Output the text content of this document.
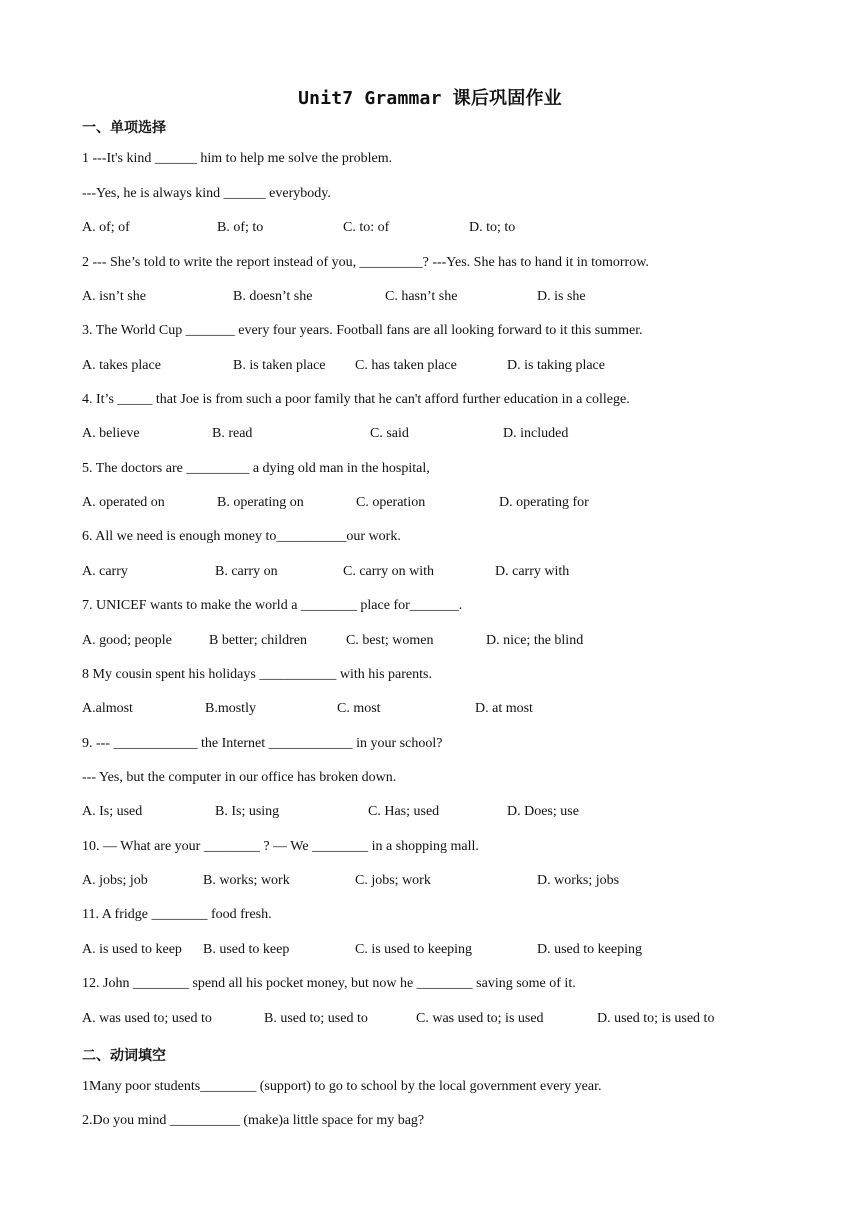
Unit7 Grammar 课后巩固作业
一、单项选择
1 ---It's kind ______ him to help me solve the problem.
---Yes, he is always kind ______ everybody.
A. of; of	B. of; to	C. to: of	D. to; to
2 --- She’s told to write the report instead of you, _________? ---Yes. She has to hand it in tomorrow.
A. isn’t she	B. doesn’t she	C. hasn’t she	D. is she
3. The World Cup _______ every four years. Football fans are all looking forward to it this summer.
A. takes place	B. is taken place C. has taken place	D. is taking place
4. It’s _____ that Joe is from such a poor family that he can't afford further education in a college.
A. believe	B. read	C. said	D. included
5. The doctors are _________ a dying old man in the hospital,
A. operated on	B. operating on	C. operation	D. operating for
6. All we need is enough money to__________our work.
A. carry	B. carry on	C. carry on with	D. carry with
7. UNICEF wants to make the world a ________ place for_______.
A. good; people	B better; children	C. best; women	D. nice; the blind
8 My cousin spent his holidays ___________ with his parents.
A.almost	B.mostly	C. most	D. at most
9. --- ____________ the Internet ____________ in your school?
--- Yes, but the computer in our office has broken down.
A. Is; used	B. Is; using	C. Has; used	D. Does; use
10. — What are your ________ ? — We ________ in a shopping mall.
A. jobs; job	B. works; work	C. jobs; work	D. works; jobs
11. A fridge ________ food fresh.
A. is used to keep B. used to keep	C. is used to keeping	D. used to keeping
12. John ________ spend all his pocket money, but now he ________ saving some of it.
A. was used to; used to	B. used to; used to	C. was used to; is used	D. used to; is used to
二、动词填空
1Many poor students________ (support) to go to school by the local government every year.
2.Do you mind __________ (make)a little space for my bag?
